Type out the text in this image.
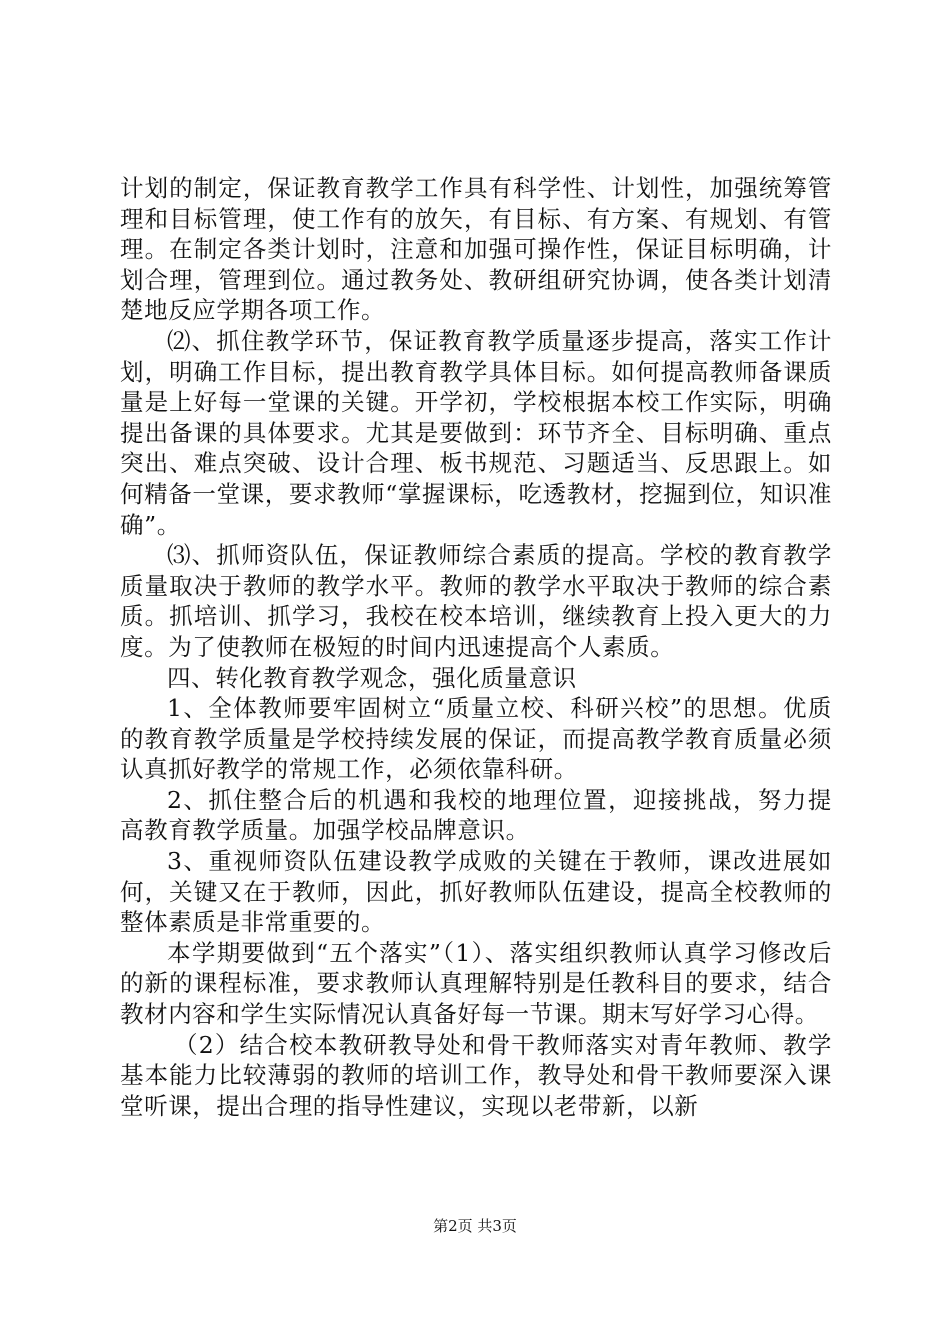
计划的制定，保证教育教学工作具有科学性、计划性，加强统筹管理和目标管理，使工作有的放矢，有目标、有方案、有规划、有管理。在制定各类计划时，注意和加强可操作性，保证目标明确，计划合理，管理到位。通过教务处、教研组研究协调，使各类计划清楚地反应学期各项工作。

⑵、抓住教学环节，保证教育教学质量逐步提高，落实工作计划，明确工作目标，提出教育教学具体目标。如何提高教师备课质量是上好每一堂课的关键。开学初，学校根据本校工作实际，明确提出备课的具体要求。尤其是要做到：环节齐全、目标明确、重点突出、难点突破、设计合理、板书规范、习题适当、反思跟上。如何精备一堂课，要求教师“掌握课标，吃透教材，挖掘到位，知识准确”。

⑶、抓师资队伍，保证教师综合素质的提高。学校的教育教学质量取决于教师的教学水平。教师的教学水平取决于教师的综合素质。抓培训、抓学习，我校在校本培训，继续教育上投入更大的力度。为了使教师在极短的时间内迅速提高个人素质。

四、转化教育教学观念，强化质量意识

1、全体教师要牢固树立“质量立校、科研兴校”的思想。优质的教育教学质量是学校持续发展的保证，而提高教学教育质量必须认真抓好教学的常规工作，必须依靠科研。

2、抓住整合后的机遇和我校的地理位置，迎接挑战，努力提高教育教学质量。加强学校品牌意识。

3、重视师资队伍建设教学成败的关键在于教师，课改进展如何，关键又在于教师，因此，抓好教师队伍建设，提高全校教师的整体素质是非常重要的。

本学期要做到“五个落实”（1）、落实组织教师认真学习修改后的新的课程标准，要求教师认真理解特别是任教科目的要求，结合教材内容和学生实际情况认真备好每一节课。期末写好学习心得。

（2）结合校本教研教导处和骨干教师落实对青年教师、教学基本能力比较薄弱的教师的培训工作，教导处和骨干教师要深入课堂听课，提出合理的指导性建议，实现以老带新，以新

第2页 共3页
